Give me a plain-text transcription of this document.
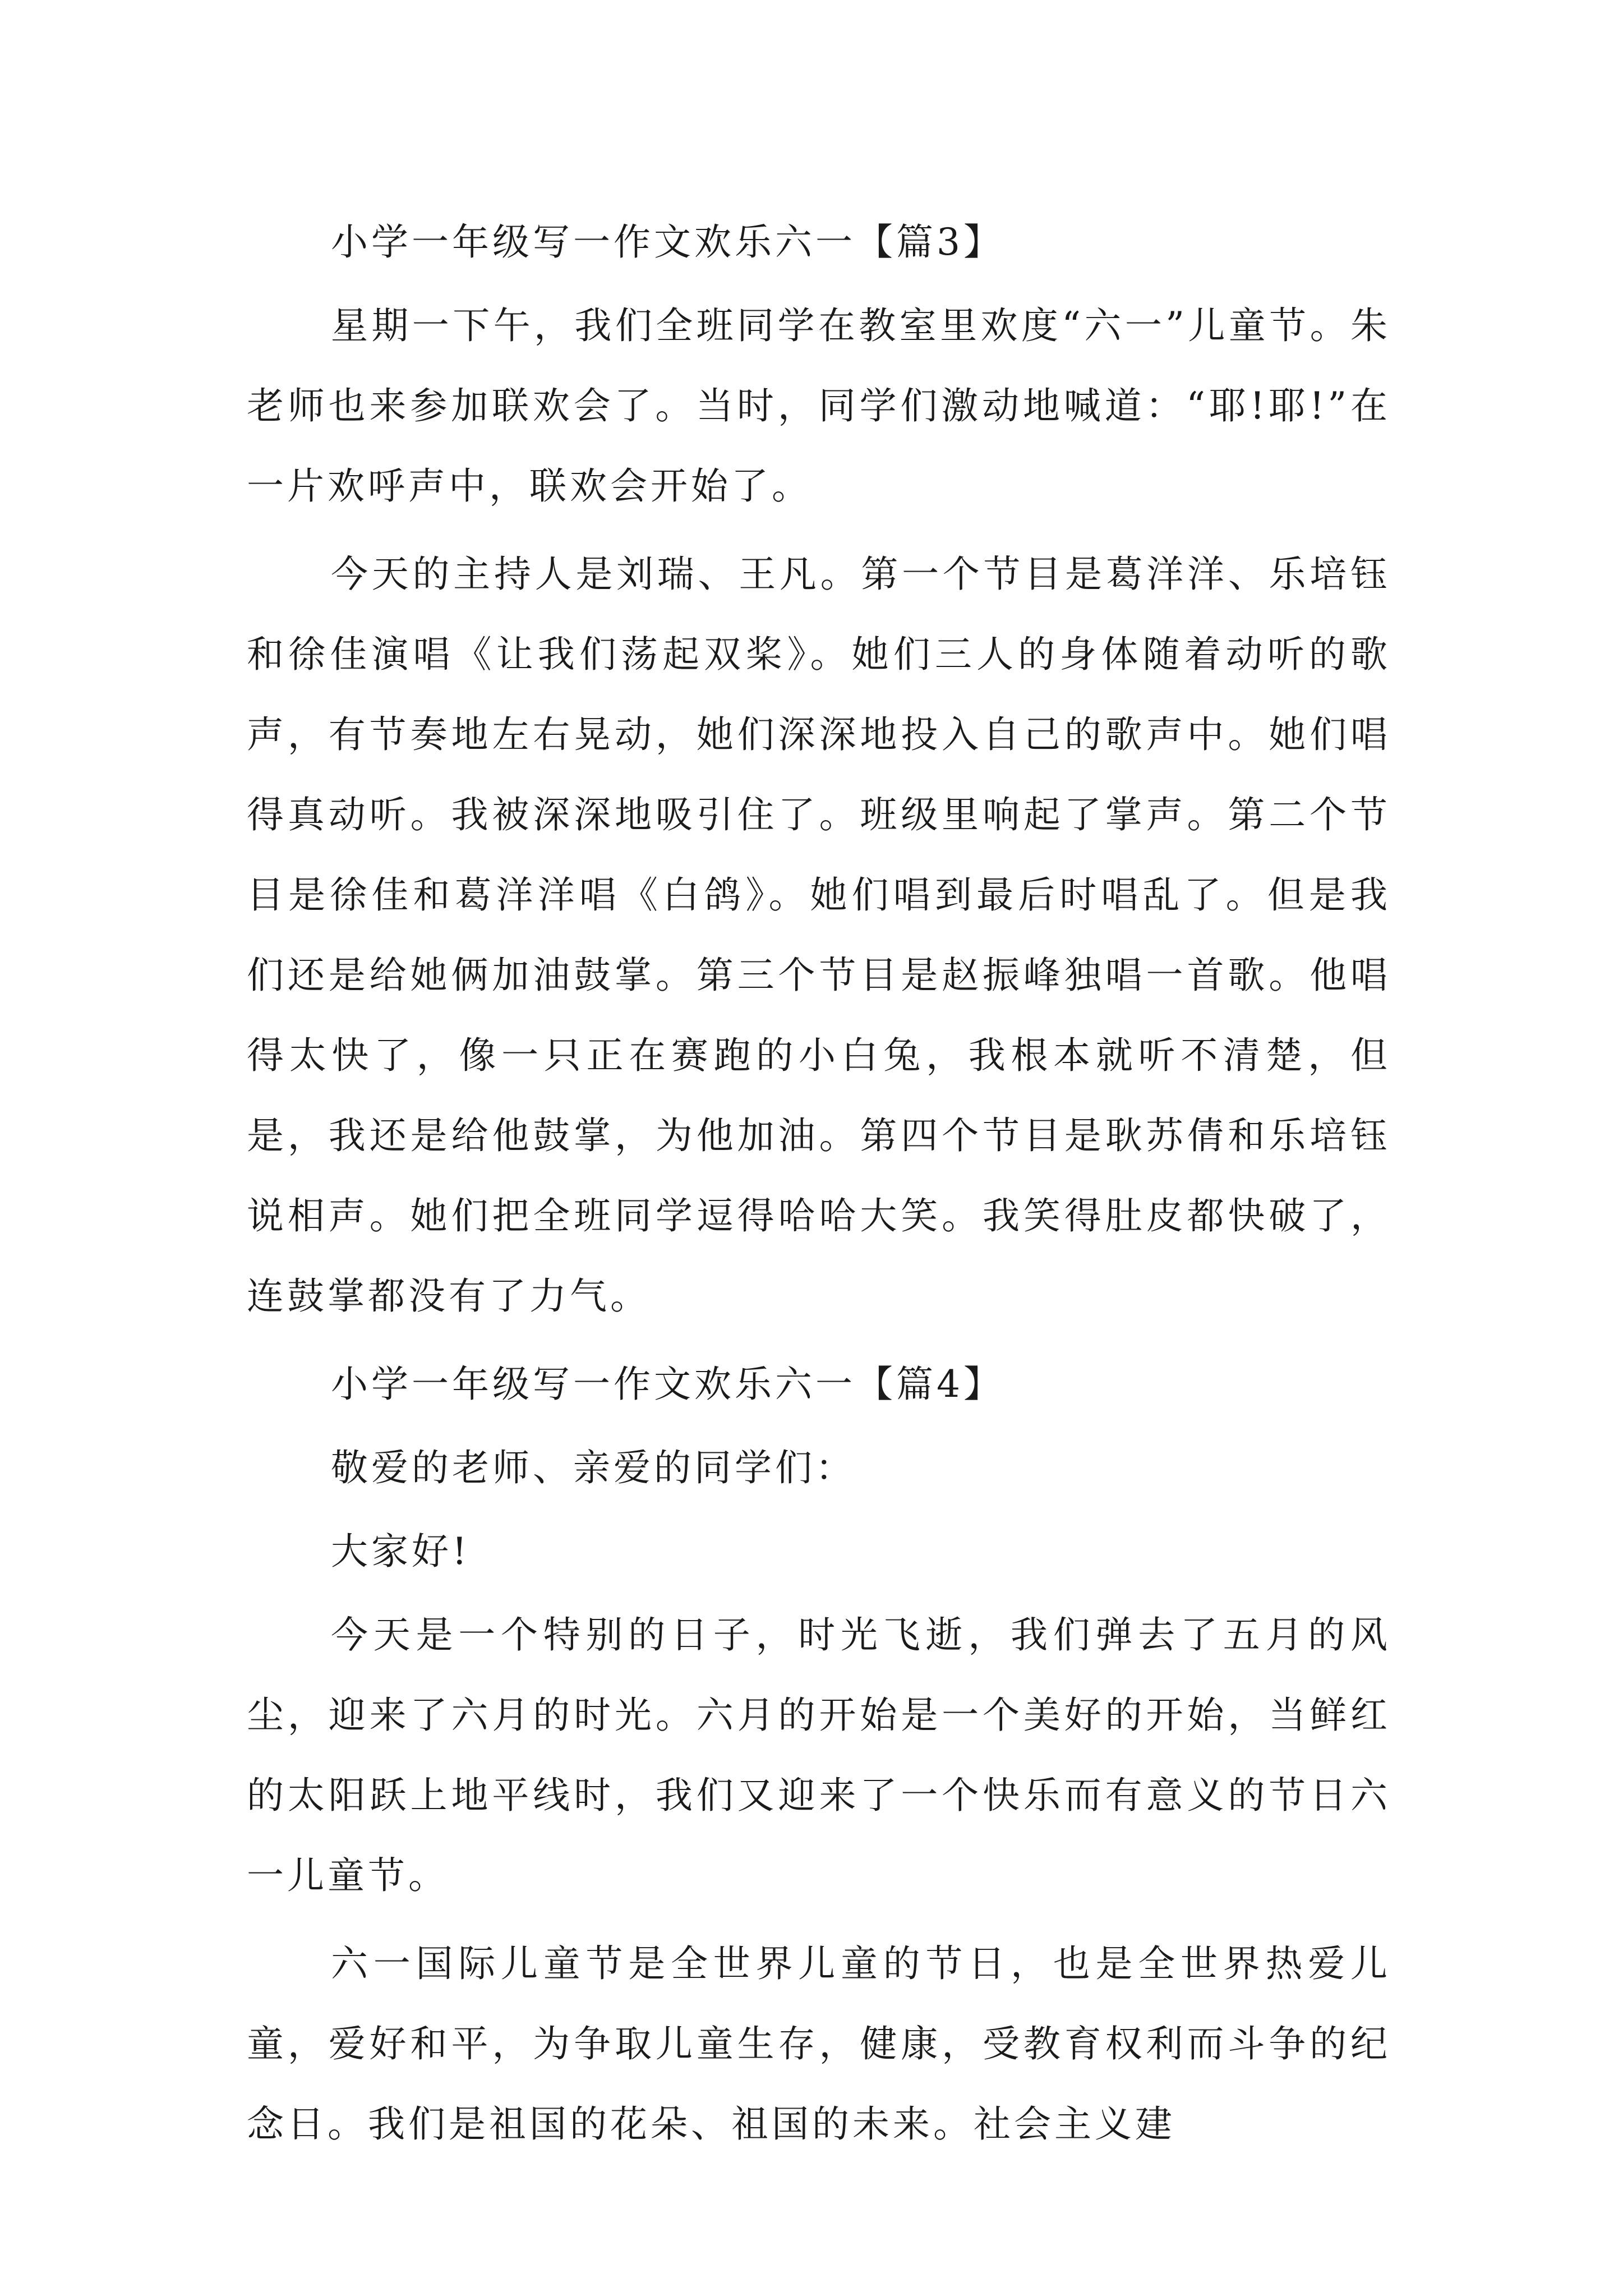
小学一年级写一作文欢乐六一【篇3】

星期一下午，我们全班同学在教室里欢度“六一”儿童节。朱老师也来参加联欢会了。当时，同学们激动地喊道：“耶!耶!”在一片欢呼声中，联欢会开始了。

今天的主持人是刘瑞、王凡。第一个节目是葛洋洋、乐培钰和徐佳演唱《让我们荡起双桨》。她们三人的身体随着动听的歌声，有节奏地左右晃动，她们深深地投入自己的歌声中。她们唱得真动听。我被深深地吸引住了。班级里响起了掌声。第二个节目是徐佳和葛洋洋唱《白鸽》。她们唱到最后时唱乱了。但是我们还是给她俩加油鼓掌。第三个节目是赵振峰独唱一首歌。他唱得太快了，像一只正在赛跑的小白兔，我根本就听不清楚，但是，我还是给他鼓掌，为他加油。第四个节目是耿苏倩和乐培钰说相声。她们把全班同学逗得哈哈大笑。我笑得肚皮都快破了，连鼓掌都没有了力气。

小学一年级写一作文欢乐六一【篇4】

敬爱的老师、亲爱的同学们：

大家好!

今天是一个特别的日子，时光飞逝，我们弹去了五月的风尘，迎来了六月的时光。六月的开始是一个美好的开始，当鲜红的太阳跃上地平线时，我们又迎来了一个快乐而有意义的节日六一儿童节。

六一国际儿童节是全世界儿童的节日，也是全世界热爱儿童，爱好和平，为争取儿童生存，健康，受教育权利而斗争的纪念日。我们是祖国的花朵、祖国的未来。社会主义建
